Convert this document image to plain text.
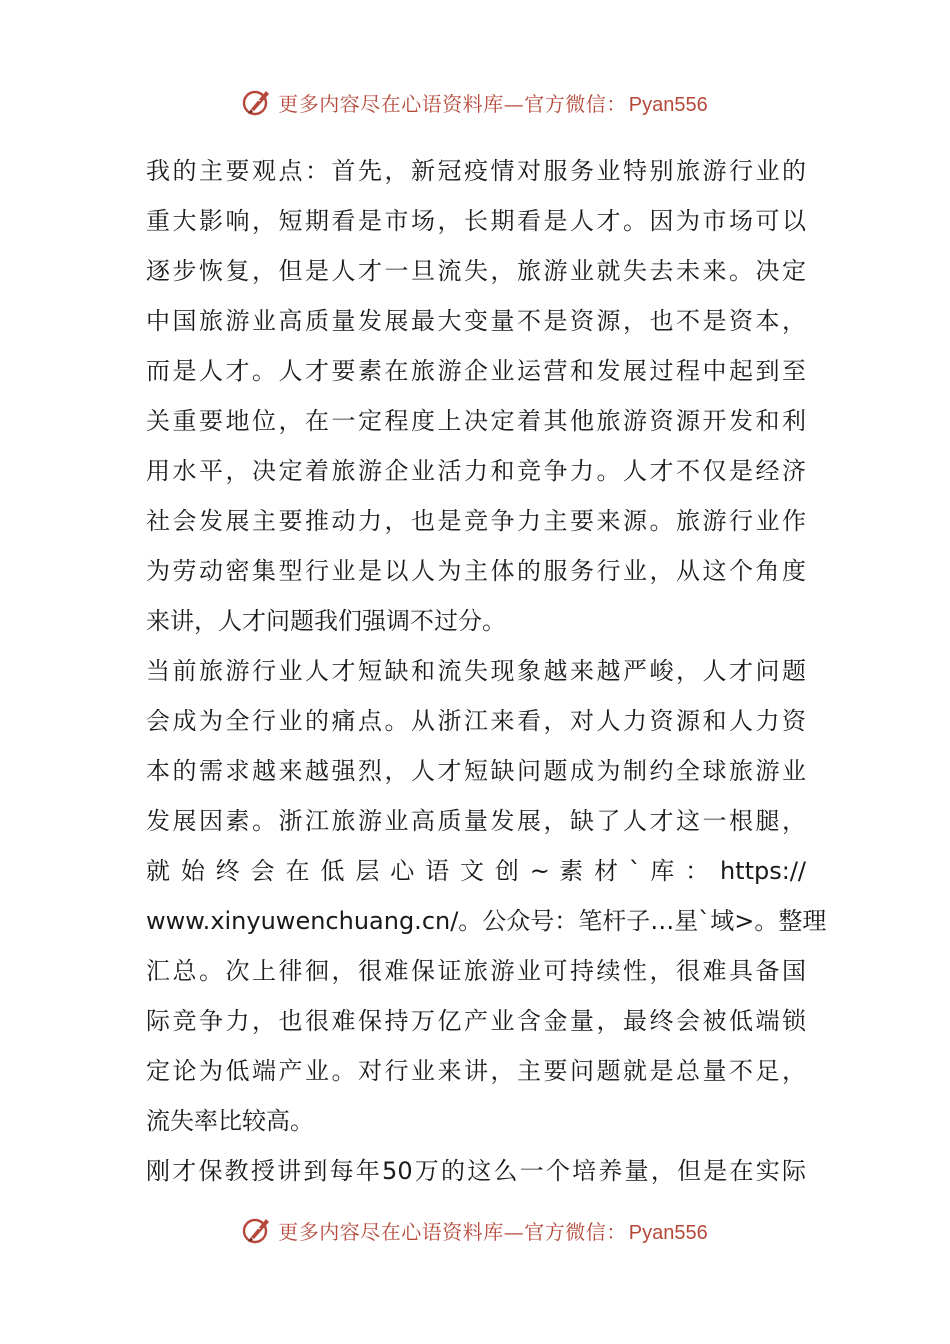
更多内容尽在心语资料库—官方微信： Pyan556
我的主要观点：首先，新冠疫情对服务业特别旅游行业的
重大影响，短期看是市场，长期看是人才。因为市场可以
逐步恢复，但是人才一旦流失，旅游业就失去未来。决定
中国旅游业高质量发展最大变量不是资源，也不是资本，
而是人才。人才要素在旅游企业运营和发展过程中起到至
关重要地位，在一定程度上决定着其他旅游资源开发和利
用水平，决定着旅游企业活力和竞争力。人才不仅是经济
社会发展主要推动力，也是竞争力主要来源。旅游行业作
为劳动密集型行业是以人为主体的服务行业，从这个角度
来讲，人才问题我们强调不过分。
当前旅游行业人才短缺和流失现象越来越严峻，人才问题
会成为全行业的痛点。从浙江来看，对人力资源和人力资
本的需求越来越强烈，人才短缺问题成为制约全球旅游业
发展因素。浙江旅游业高质量发展，缺了人才这一根腿，
就 始 终 会 在 低 层 心 语 文 创 ~ 素 材 ` 库 ： https://
www.xinyuwenchuang.cn/。公众号：笔杆子…星`域>。整理
汇总。次上徘徊，很难保证旅游业可持续性，很难具备国
际竞争力，也很难保持万亿产业含金量，最终会被低端锁
定论为低端产业。对行业来讲，主要问题就是总量不足，
流失率比较高。
刚才保教授讲到每年50万的这么一个培养量，但是在实际
更多内容尽在心语资料库—官方微信： Pyan556
